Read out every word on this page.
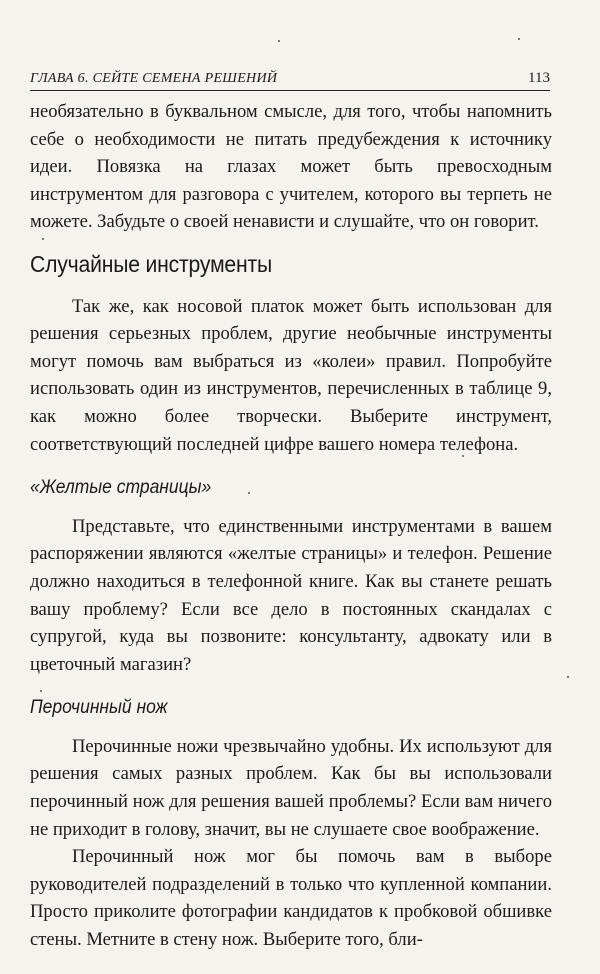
ГЛАВА 6. СЕЙТЕ СЕМЕНА РЕШЕНИЙ	113

необязательно в буквальном смысле, для того, чтобы напомнить себе о необходимости не питать предубеждения к источнику идеи. Повязка на глазах может быть превосходным инструментом для разговора с учителем, которого вы терпеть не можете. Забудьте о своей ненависти и слушайте, что он говорит.

Случайные инструменты

Так же, как носовой платок может быть использован для решения серьезных проблем, другие необычные инструменты могут помочь вам выбраться из «колеи» правил. Попробуйте использовать один из инструментов, перечисленных в таблице 9, как можно более творчески. Выберите инструмент, соответствующий последней цифре вашего номера телефона.

«Желтые страницы»

Представьте, что единственными инструментами в вашем распоряжении являются «желтые страницы» и телефон. Решение должно находиться в телефонной книге. Как вы станете решать вашу проблему? Если все дело в постоянных скандалах с супругой, куда вы позвоните: консультанту, адвокату или в цветочный магазин?

Перочинный нож

Перочинные ножи чрезвычайно удобны. Их используют для решения самых разных проблем. Как бы вы использовали перочинный нож для решения вашей проблемы? Если вам ничего не приходит в голову, значит, вы не слушаете свое воображение.

Перочинный нож мог бы помочь вам в выборе руководителей подразделений в только что купленной компании. Просто приколите фотографии кандидатов к пробковой обшивке стены. Метните в стену нож. Выберите того, бли-
